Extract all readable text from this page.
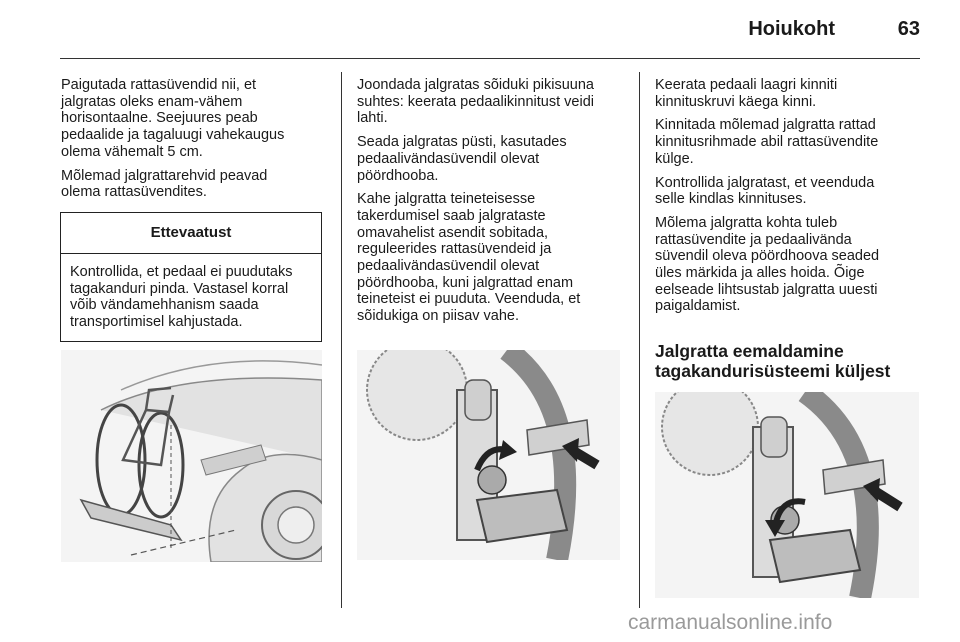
Hoiukoht	63

Paigutada rattasüvendid nii, et
jalgratas oleks enam-vähem
horisontaalne. Seejuures peab
pedaalide ja tagaluugi vahekaugus
olema vähemalt 5 cm.

Mõlemad jalgrattarehvid peavad
olema rattasüvendites.

Ettevaatust
Kontrollida, et pedaal ei puudutaks
tagakanduri pinda. Vastasel korral
võib vändamehhanism saada
transportimisel kahjustada.

Joondada jalgratas sõiduki pikisuuna
suhtes: keerata pedaalikinnitust veidi
lahti.

Seada jalgratas püsti, kasutades
pedaalivändasüvendil olevat
pöördhooba.

Kahe jalgratta teineteisesse
takerdumisel saab jalgrataste
omavahelist asendit sobitada,
reguleerides rattasüvendeid ja
pedaalivändasüvendil olevat
pöördhooba, kuni jalgrattad enam
teineteist ei puuduta. Veenduda, et
sõidukiga on piisav vahe.

Keerata pedaali laagri kinniti
kinnituskruvi käega kinni.

Kinnitada mõlemad jalgratta rattad
kinnitusrihmade abil rattasüvendite
külge.

Kontrollida jalgratast, et veenduda
selle kindlas kinnituses.

Mõlema jalgratta kohta tuleb
rattasüvendite ja pedaalivända
süvendil oleva pöördhoova seaded
üles märkida ja alles hoida. Õige
eelseade lihtsustab jalgratta uuesti
paigaldamist.

Jalgratta eemaldamine
tagakandurisüsteemi küljest
carmanualsonline.info
